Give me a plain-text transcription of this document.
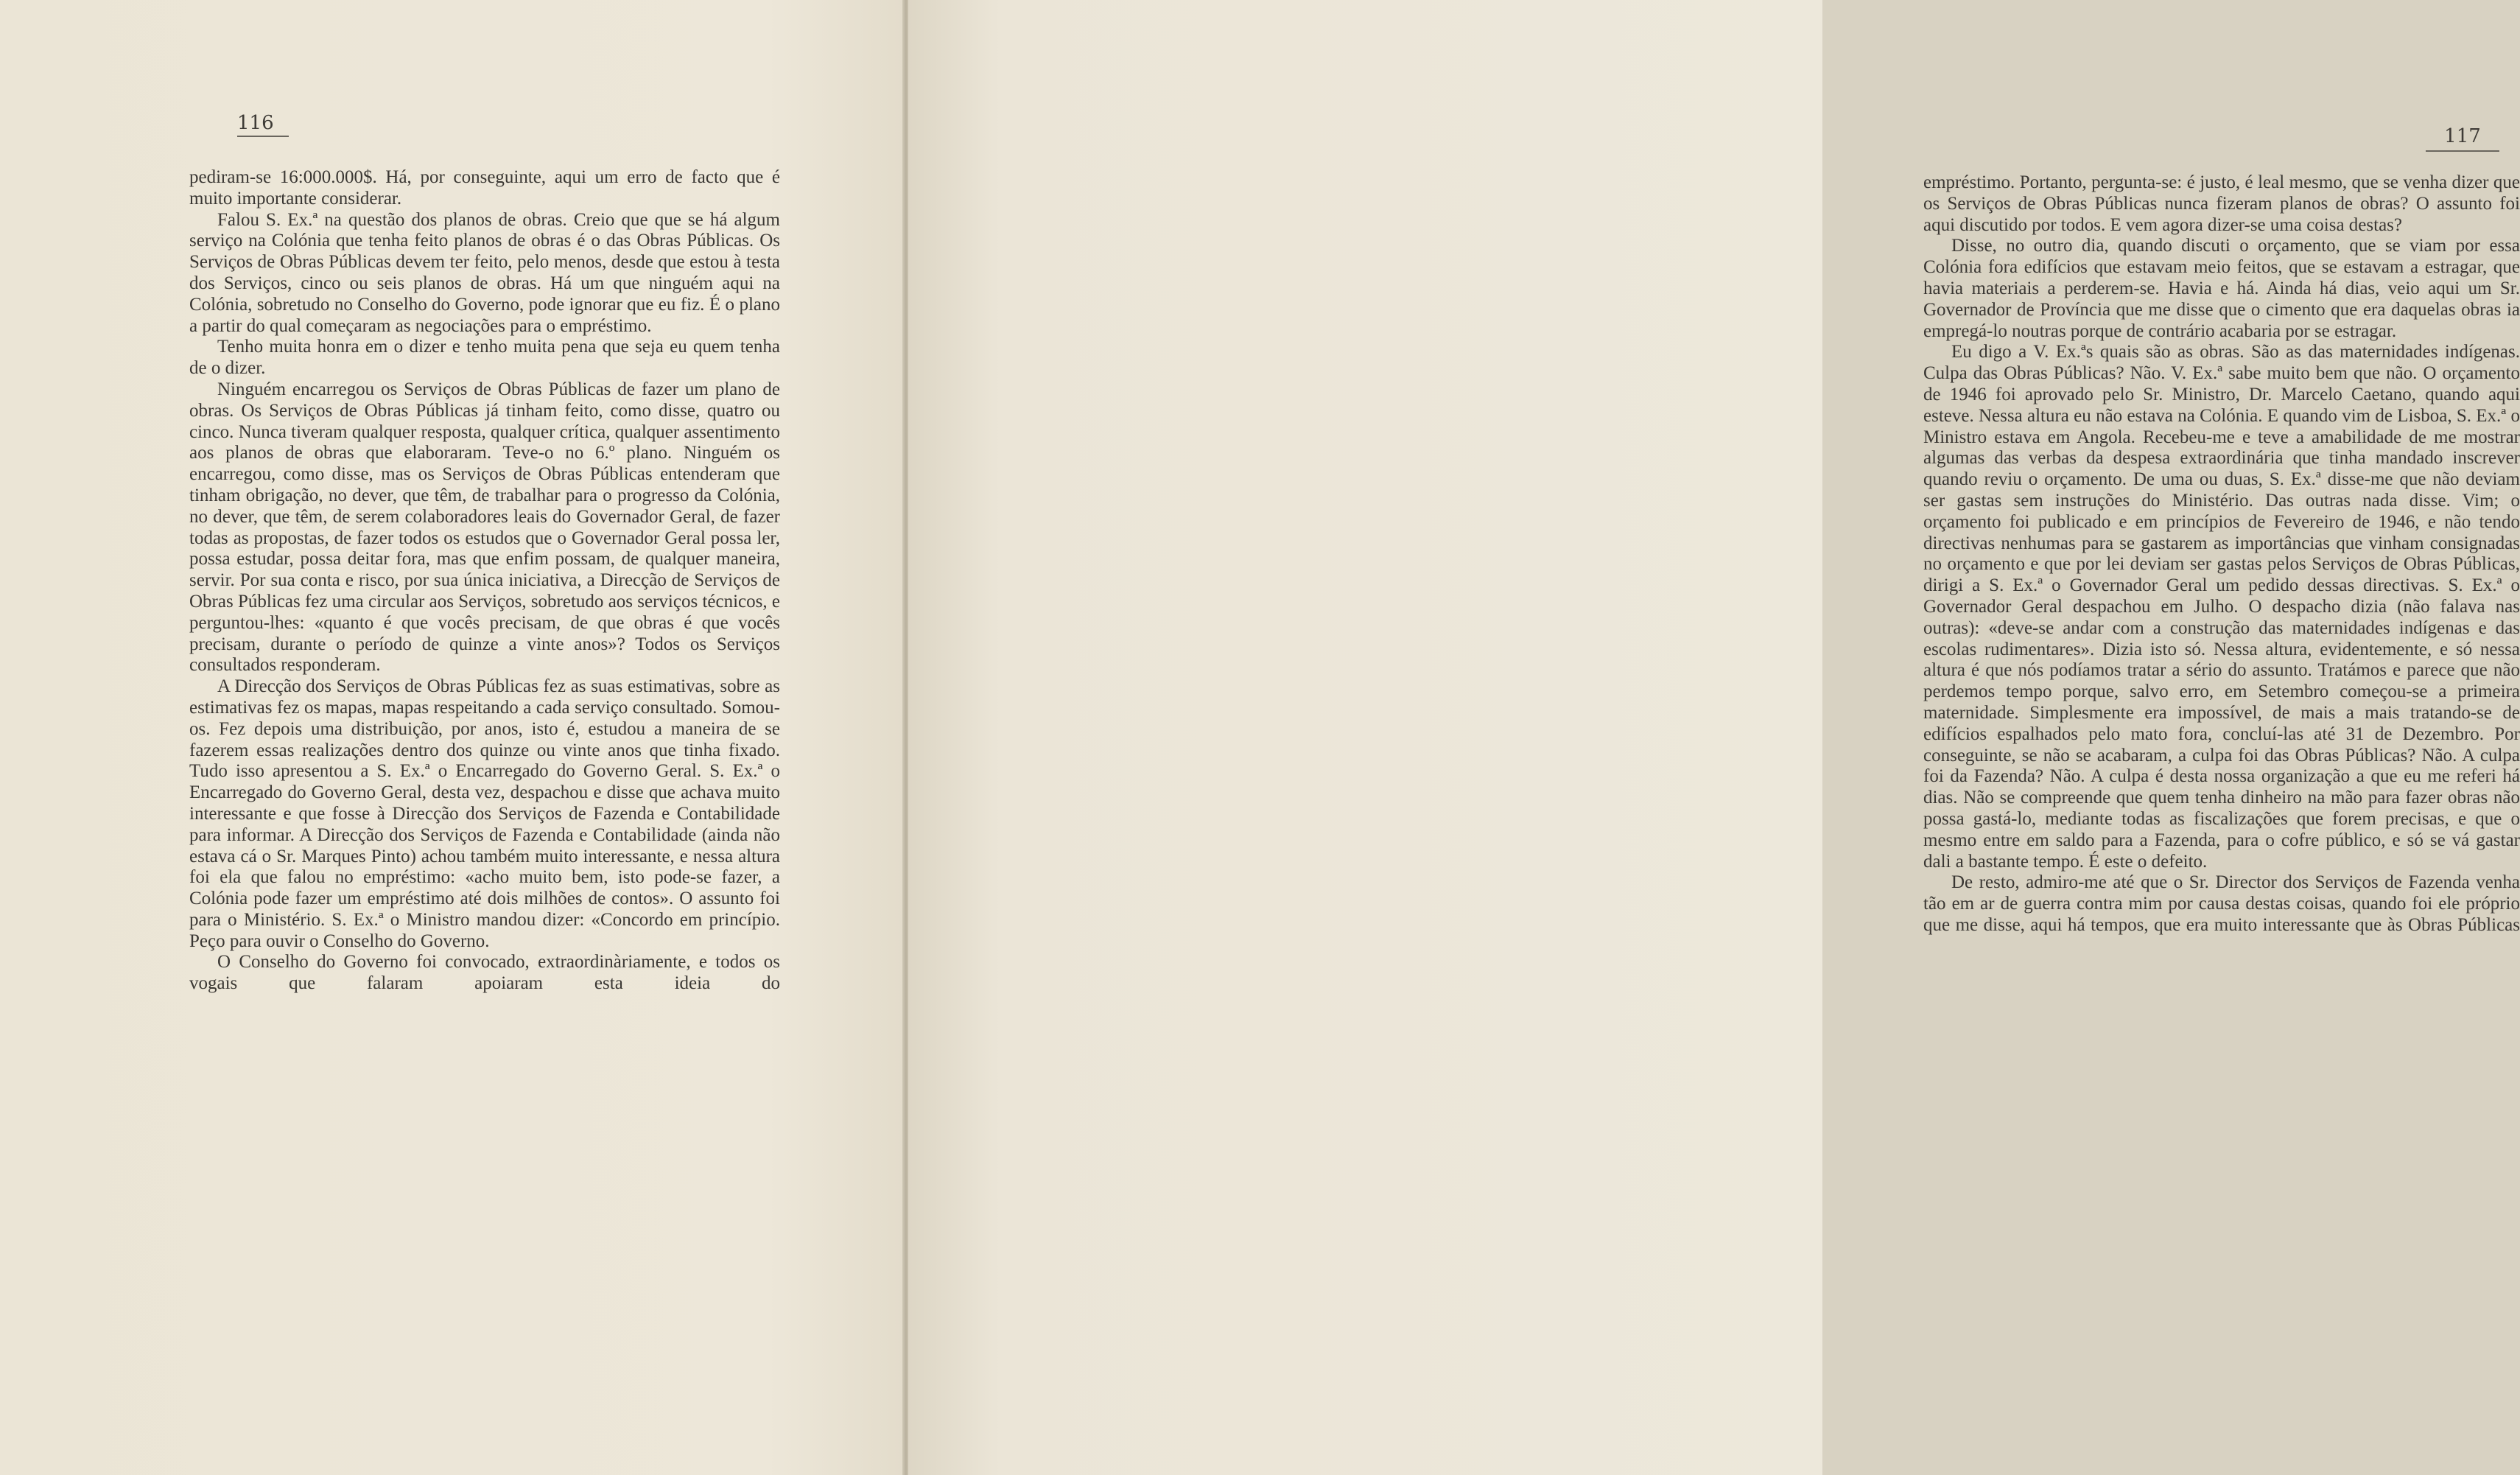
116

pediram-se 16:000.000$. Há, por conseguinte, aqui um erro de facto que é muito importante considerar.

Falou S. Ex.ª na questão dos planos de obras. Creio que que se há algum serviço na Colónia que tenha feito planos de obras é o das Obras Públicas. Os Serviços de Obras Públicas devem ter feito, pelo menos, desde que estou à testa dos Serviços, cinco ou seis planos de obras. Há um que ninguém aqui na Colónia, sobretudo no Conselho do Governo, pode ignorar que eu fiz. É o plano a partir do qual começaram as negociações para o empréstimo.

Tenho muita honra em o dizer e tenho muita pena que seja eu quem tenha de o dizer.

Ninguém encarregou os Serviços de Obras Públicas de fazer um plano de obras. Os Serviços de Obras Públicas já tinham feito, como disse, quatro ou cinco. Nunca tiveram qualquer resposta, qualquer crítica, qualquer assentimento aos planos de obras que elaboraram. Teve-o no 6.º plano. Ninguém os encarregou, como disse, mas os Serviços de Obras Públicas entenderam que tinham obrigação, no dever, que têm, de trabalhar para o progresso da Colónia, no dever, que têm, de serem colaboradores leais do Governador Geral, de fazer todas as propostas, de fazer todos os estudos que o Governador Geral possa ler, possa estudar, possa deitar fora, mas que enfim possam, de qualquer maneira, servir. Por sua conta e risco, por sua única iniciativa, a Direcção de Serviços de Obras Públicas fez uma circular aos Serviços, sobretudo aos serviços técnicos, e perguntou-lhes: «quanto é que vocês precisam, de que obras é que vocês precisam, durante o período de quinze a vinte anos»? Todos os Serviços consultados responderam.

A Direcção dos Serviços de Obras Públicas fez as suas estimativas, sobre as estimativas fez os mapas, mapas respeitando a cada serviço consultado. Somou-os. Fez depois uma distribuição, por anos, isto é, estudou a maneira de se fazerem essas realizações dentro dos quinze ou vinte anos que tinha fixado. Tudo isso apresentou a S. Ex.ª o Encarregado do Governo Geral. S. Ex.ª o Encarregado do Governo Geral, desta vez, despachou e disse que achava muito interessante e que fosse à Direcção dos Serviços de Fazenda e Contabilidade para informar. A Direcção dos Serviços de Fazenda e Contabilidade (ainda não estava cá o Sr. Marques Pinto) achou também muito interessante, e nessa altura foi ela que falou no empréstimo: «acho muito bem, isto pode-se fazer, a Colónia pode fazer um empréstimo até dois milhões de contos». O assunto foi para o Ministério. S. Ex.ª o Ministro mandou dizer: «Concordo em princípio. Peço para ouvir o Conselho do Governo.

O Conselho do Governo foi convocado, extraordinàriamente, e todos os vogais que falaram apoiaram esta ideia do

117

empréstimo. Portanto, pergunta-se: é justo, é leal mesmo, que se venha dizer que os Serviços de Obras Públicas nunca fizeram planos de obras? O assunto foi aqui discutido por todos. E vem agora dizer-se uma coisa destas?

Disse, no outro dia, quando discuti o orçamento, que se viam por essa Colónia fora edifícios que estavam meio feitos, que se estavam a estragar, que havia materiais a perderem-se. Havia e há. Ainda há dias, veio aqui um Sr. Governador de Província que me disse que o cimento que era daquelas obras ia empregá-lo noutras porque de contrário acabaria por se estragar.

Eu digo a V. Ex.ªs quais são as obras. São as das maternidades indígenas. Culpa das Obras Públicas? Não. V. Ex.ª sabe muito bem que não. O orçamento de 1946 foi aprovado pelo Sr. Ministro, Dr. Marcelo Caetano, quando aqui esteve. Nessa altura eu não estava na Colónia. E quando vim de Lisboa, S. Ex.ª o Ministro estava em Angola. Recebeu-me e teve a amabilidade de me mostrar algumas das verbas da despesa extraordinária que tinha mandado inscrever quando reviu o orçamento. De uma ou duas, S. Ex.ª disse-me que não deviam ser gastas sem instruções do Ministério. Das outras nada disse. Vim; o orçamento foi publicado e em princípios de Fevereiro de 1946, e não tendo directivas nenhumas para se gastarem as importâncias que vinham consignadas no orçamento e que por lei deviam ser gastas pelos Serviços de Obras Públicas, dirigi a S. Ex.ª o Governador Geral um pedido dessas directivas. S. Ex.ª o Governador Geral despachou em Julho. O despacho dizia (não falava nas outras): «deve-se andar com a construção das maternidades indígenas e das escolas rudimentares». Dizia isto só. Nessa altura, evidentemente, e só nessa altura é que nós podíamos tratar a sério do assunto. Tratámos e parece que não perdemos tempo porque, salvo erro, em Setembro começou-se a primeira maternidade. Simplesmente era impossível, de mais a mais tratando-se de edifícios espalhados pelo mato fora, concluí-las até 31 de Dezembro. Por conseguinte, se não se acabaram, a culpa foi das Obras Públicas? Não. A culpa foi da Fazenda? Não. A culpa é desta nossa organização a que eu me referi há dias. Não se compreende que quem tenha dinheiro na mão para fazer obras não possa gastá-lo, mediante todas as fiscalizações que forem precisas, e que o mesmo entre em saldo para a Fazenda, para o cofre público, e só se vá gastar dali a bastante tempo. É este o defeito.

De resto, admiro-me até que o Sr. Director dos Serviços de Fazenda venha tão em ar de guerra contra mim por causa destas coisas, quando foi ele próprio que me disse, aqui há tempos, que era muito interessante que às Obras Públicas
